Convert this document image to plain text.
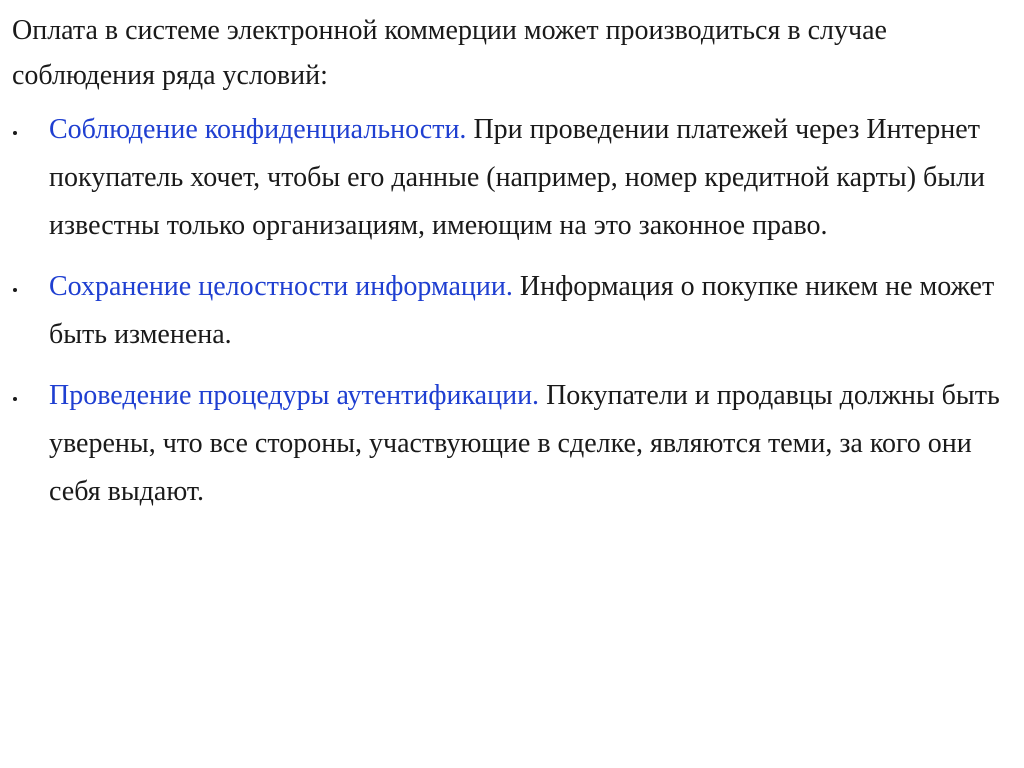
Оплата в системе электронной коммерции может производиться в случае соблюдения ряда условий:

Соблюдение конфиденциальности. При проведении платежей через Интернет покупатель хочет, чтобы его данные (например, номер кредитной карты) были известны только организациям, имеющим на это законное право.
Сохранение целостности информации. Информация о покупке никем не может быть изменена.
Проведение процедуры аутентификации. Покупатели и продавцы должны быть уверены, что все стороны, участвующие в сделке, являются теми, за кого они себя выдают.
